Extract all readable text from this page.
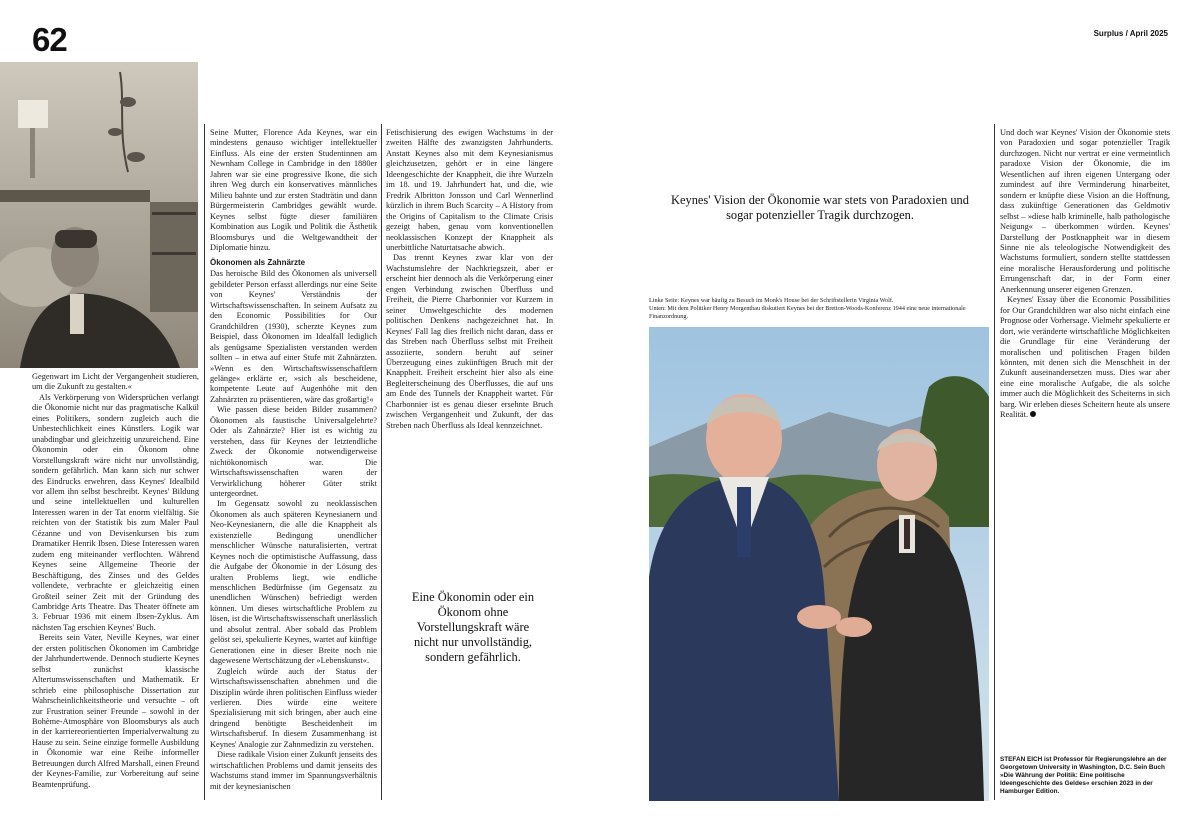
62	Surplus / April 2025

Gegenwart im Licht der Vergangenheit studieren, um die Zukunft zu gestalten.«

Als Verkörperung von Widersprüchen verlangt die Ökonomie nicht nur das pragmatische Kalkül eines Politikers, sondern zugleich auch die Unbestechlichkeit eines Künstlers. Logik war unabdingbar und gleichzeitig unzureichend. Eine Ökonomin oder ein Ökonom ohne Vorstellungskraft wäre nicht nur unvollständig, sondern gefährlich. Man kann sich nur schwer des Eindrucks erwehren, dass Keynes' Idealbild vor allem ihn selbst beschreibt. Keynes' Bildung und seine intellektuellen und kulturellen Interessen waren in der Tat enorm vielfältig. Sie reichten von der Statistik bis zum Maler Paul Cézanne und von Devisenkursen bis zum Dramatiker Henrik Ibsen. Diese Interessen waren zudem eng miteinander verflochten. Während Keynes seine Allgemeine Theorie der Beschäftigung, des Zinses und des Geldes vollendete, verbrachte er gleichzeitig einen Großteil seiner Zeit mit der Gründung des Cambridge Arts Theatre. Das Theater öffnete am 3. Februar 1936 mit einem Ibsen-Zyklus. Am nächsten Tag erschien Keynes' Buch.

Bereits sein Vater, Neville Keynes, war einer der ersten politischen Ökonomen im Cambridge der Jahrhundertwende. Dennoch studierte Keynes selbst zunächst klassische Altertumswissenschaften und Mathematik. Er schrieb eine philosophische Dissertation zur Wahrscheinlichkeitstheorie und versuchte – oft zur Frustration seiner Freunde – sowohl in der Bohème-Atmosphäre von Bloomsburys als auch in der karriereorientierten Imperialverwaltung zu Hause zu sein. Seine einzige formelle Ausbildung in Ökonomie war eine Reihe informeller Betreuungen durch Alfred Marshall, einen Freund der Keynes-Familie, zur Vorbereitung auf seine Beamtenprüfung.

Seine Mutter, Florence Ada Keynes, war ein mindestens genauso wichtiger intellektueller Einfluss. Als eine der ersten Studentinnen am Newnham College in Cambridge in den 1880er Jahren war sie eine progressive Ikone, die sich ihren Weg durch ein konservatives männliches Milieu bahnte und zur ersten Stadträtin und dann Bürgermeisterin Cambridges gewählt wurde. Keynes selbst fügte dieser familiären Kombination aus Logik und Politik die Ästhetik Bloomsburys und die Weltgewandtheit der Diplomatie hinzu.

Ökonomen als Zahnärzte

Das heroische Bild des Ökonomen als universell gebildeter Person erfasst allerdings nur eine Seite von Keynes' Verständnis der Wirtschaftswissenschaften. In seinem Aufsatz zu den Economic Possibilities for Our Grandchildren (1930), scherzte Keynes zum Beispiel, dass Ökonomen im Idealfall lediglich als genügsame Spezialisten verstanden werden sollten – in etwa auf einer Stufe mit Zahnärzten. »Wenn es den Wirtschaftswissenschaftlern gelänge« erklärte er, »sich als bescheidene, kompetente Leute auf Augenhöhe mit den Zahnärzten zu präsentieren, wäre das großartig!«

Wie passen diese beiden Bilder zusammen? Ökonomen als faustische Universalgelehrte? Oder als Zahnärzte? Hier ist es wichtig zu verstehen, dass für Keynes der letztendliche Zweck der Ökonomie notwendigerweise nichtökonomisch war. Die Wirtschaftswissenschaften waren der Verwirklichung höherer Güter strikt untergeordnet.

Im Gegensatz sowohl zu neoklassischen Ökonomen als auch späteren Keynesianern und Neo-Keynesianern, die alle die Knappheit als existenzielle Bedingung unendlicher menschlicher Wünsche naturalisierten, vertrat Keynes noch die optimistische Auffassung, dass die Aufgabe der Ökonomie in der Lösung des uralten Problems liegt, wie endliche menschlichen Bedürfnisse (im Gegensatz zu unendlichen Wünschen) befriedigt werden können. Um dieses wirtschaftliche Problem zu lösen, ist die Wirtschaftswissenschaft unerlässlich und absolut zentral. Aber sobald das Problem gelöst sei, spekulierte Keynes, wartet auf künftige Generationen eine in dieser Breite noch nie dagewesene Wertschätzung der »Lebenskunst«.

Zugleich würde auch der Status der Wirtschaftswissenschaften abnehmen und die Disziplin würde ihren politischen Einfluss wieder verlieren. Dies würde eine weitere Spezialisierung mit sich bringen, aber auch eine dringend benötigte Bescheidenheit im Wirtschaftsberuf. In diesem Zusammenhang ist Keynes' Analogie zur Zahnmedizin zu verstehen.

Diese radikale Vision einer Zukunft jenseits des wirtschaftlichen Problems und damit jenseits des Wachstums stand immer im Spannungsverhältnis mit der keynesianischen

Fetischisierung des ewigen Wachstums in der zweiten Hälfte des zwanzigsten Jahrhunderts. Anstatt Keynes also mit dem Keynesianismus gleichzusetzen, gehört er in eine längere Ideengeschichte der Knappheit, die ihre Wurzeln im 18. und 19. Jahrhundert hat, und die, wie Fredrik Albritton Jonsson und Carl Wennerlind kürzlich in ihrem Buch Scarcity – A History from the Origins of Capitalism to the Climate Crisis gezeigt haben, genau vom konventionellen neoklassischen Konzept der Knappheit als unerbittliche Naturtatsache abwich.

Das trennt Keynes zwar klar von der Wachstumslehre der Nachkriegszeit, aber er erscheint hier dennoch als die Verkörperung einer engen Verbindung zwischen Überfluss und Freiheit, die Pierre Charbonnier vor Kurzem in seiner Umweltgeschichte des modernen politischen Denkens nachgezeichnet hat. In Keynes' Fall lag dies freilich nicht daran, dass er das Streben nach Überfluss selbst mit Freiheit assoziierte, sondern beruht auf seiner Überzeugung eines zukünftigen Bruch mit der Knappheit. Freiheit erscheint hier also als eine Begleiterscheinung des Überflusses, die auf uns am Ende des Tunnels der Knappheit wartet. Für Charbonnier ist es genau dieser ersehnte Bruch zwischen Vergangenheit und Zukunft, der das Streben nach Überfluss als Ideal kennzeichnet.

Eine Ökonomin oder ein Ökonom ohne Vorstellungskraft wäre nicht nur unvollständig, sondern gefährlich.
Keynes' Vision der Ökonomie war stets von Paradoxien und sogar potenzieller Tragik durchzogen.
Linke Seite: Keynes war häufig zu Besuch im Monk's House bei der Schriftstellerin Virginia Wolf.
Unten: Mit dem Politiker Henry Morgenthau diskutiert Keynes bei der Bretton-Woods-Konferenz 1944 eine neue internationale Finanzordnung.

Und doch war Keynes' Vision der Ökonomie stets von Paradoxien und sogar potenzieller Tragik durchzogen. Nicht nur vertrat er eine vermeintlich paradoxe Vision der Ökonomie, die im Wesentlichen auf ihren eigenen Untergang oder zumindest auf ihre Verminderung hinarbeitet, sondern er knüpfte diese Vision an die Hoffnung, dass zukünftige Generationen das Geldmotiv selbst – »diese halb kriminelle, halb pathologische Neigung« – überkommen würden. Keynes' Darstellung der Postknappheit war in diesem Sinne nie als teleologische Notwendigkeit des Wachstums formuliert, sondern stellte stattdessen eine moralische Herausforderung und politische Errungenschaft dar, in der Form einer Anerkennung unserer eigenen Grenzen.

Keynes' Essay über die Economic Possibilities for Our Grandchildren war also nicht einfach eine Prognose oder Vorhersage. Vielmehr spekulierte er dort, wie veränderte wirtschaftliche Möglichkeiten die Grundlage für eine Veränderung der moralischen und politischen Fragen bilden könnten, mit denen sich die Menschheit in der Zukunft auseinandersetzen muss. Dies war aber eine eine moralische Aufgabe, die als solche immer auch die Möglichkeit des Scheiterns in sich barg. Wir erleben dieses Scheitern heute als unsere Realität.

STEFAN EICH ist Professor für Regierungslehre an der Georgetown University in Washington, D.C. Sein Buch »Die Währung der Politik: Eine politische Ideengeschichte des Geldes« erschien 2023 in der Hamburger Edition.
